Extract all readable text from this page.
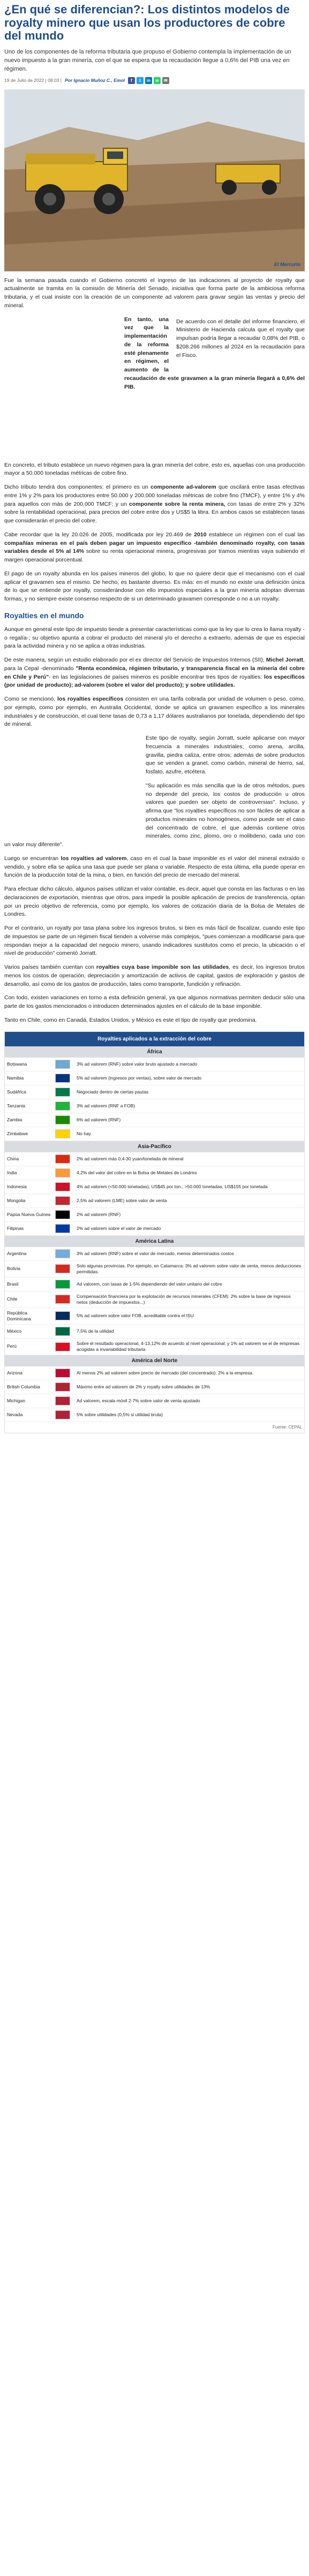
¿En qué se diferencian?: Los distintos modelos de royalty minero que usan los productores de cobre del mundo
Uno de los componentes de la reforma tributaria que propuso el Gobierno contempla la implementación de un nuevo impuesto a la gran minería, con el que se espera que la recaudación llegue a 0,6% del PIB una vez en régimen.
19 de Julio de 2022 | 08:03 | Por Ignacio Muñoz C., Emol	f	t	in	w	✉
El Mercurio

Fue la semana pasada cuando el Gobierno concretó el ingreso de las indicaciones al proyecto de royalty que actualmente se tramita en la comisión de Minería del Senado, iniciativa que forma parte de la ambiciosa reforma tributaria, y el cual insiste con la creación de un componente ad valorem para gravar según las ventas y precio del mineral.

De acuerdo con el detalle del informe financiero, el Ministerio de Hacienda calcula que el royalty que impulsan podría llegar a recaudar 0,08% del PIB, o $208.266 millones al 2024 en la recaudación para el Fisco.

En tanto, una vez que la implementación de la reforma esté plenamente en régimen, el aumento de la recaudación de este gravamen a la gran minería llegará a 0,6% del PIB.

En concreto, el tributo establece un nuevo régimen para la gran minería del cobre, esto es, aquellas con una producción mayor a 50.000 toneladas métricas de cobre fino.

Dicho tributo tendrá dos componentes: el primero es un componente ad-valorem que oscilará entre tasas efectivas entre 1% y 2% para los productores entre 50.000 y 200.000 toneladas métricas de cobre fino (TMCF), y entre 1% y 4% para aquellos con más de 200.000 TMCF; y un componente sobre la renta minera, con tasas de entre 2% y 32% sobre la rentabilidad operacional, para precios del cobre entre dos y US$5 la libra. En ambos casos se establecen tasas que considerarán el precio del cobre.

Cabe recordar que la ley 20.026 de 2005, modificada por ley 20.469 de 2010 establece un régimen con el cual las compañías mineras en el país deben pagar un impuesto específico -también denominado royalty, con tasas variables desde el 5% al 14% sobre su renta operacional minera, progresivas por tramos mientras vaya subiendo el margen operacional porcentual.

El pago de un royalty abunda en los países mineros del globo, lo que no quiere decir que el mecanismo con el cual aplicar el gravamen sea el mismo. De hecho, es bastante diverso. Es más: en el mundo no existe una definición única de lo que se entiende por royalty, considerándose con ello impuestos especiales a la gran minería adoptan diversas formas, y no siempre existe consenso respecto de si un determinado gravamen corresponde o no a un royalty.

Royalties en el mundo

Aunque en general este tipo de impuesto tiende a presentar características como que la ley que lo crea lo llama royalty -o regalía-; su objetivo apunta a cobrar el producto del mineral y/o el derecho a extraerlo, además de que es especial para la actividad minera y no se aplica a otras industrias.

De este manera, según un estudio elaborado por el ex director del Servicio de Impuestos Internos (SII), Michel Jorratt, para la Cepal -denominado "Renta económica, régimen tributario, y transparencia fiscal en la minería del cobre en Chile y Perú"- en las legislaciones de países mineros es posible encontrar tres tipos de royalties: los específicos (por unidad de producto); ad-valorem (sobre el valor del producto); y sobre utilidades.

Como se mencionó, los royalties específicos consisten en una tarifa cobrada por unidad de volumen o peso, como, por ejemplo, como por ejemplo, en Australia Occidental, donde se aplica un gravamen específico a los minerales industriales y de construcción, el cual tiene tasas de 0,73 a 1,17 dólares australianos por tonelada, dependiendo del tipo de mineral.

Este tipo de royalty, según Jorratt, suele aplicarse con mayor frecuencia a minerales industriales; como arena, arcilla, gravilla, piedra caliza, entre otros; además de sobre productos que se venden a granel, como carbón, mineral de hierro, sal, fosfato, azufre, etcétera.

"Su aplicación es más sencilla que la de otros métodos, pues no depende del precio, los costos de producción u otros valores que pueden ser objeto de controversias". Incluso, y afirma que "los royalties específicos no son fáciles de aplicar a productos minerales no homogéneos, como puede ser el caso del concentrado de cobre, el que además contiene otros minerales, como zinc, plomo, oro o molibdeno, cada uno con un valor muy diferente".

Luego se encuentran los royalties ad valorem, caso en el cual la base imponible es el valor del mineral extraído o vendido, y sobre ella se aplica una tasa que puede ser plana o variable. Respecto de esta última, ella puede operar en función de la producción total de la mina, o bien, en función del precio de mercado del mineral.

Para efectuar dicho cálculo, algunos países utilizan el valor contable, es decir, aquel que consta en las facturas o en las declaraciones de exportación, mientras que otros, para impedir la posible aplicación de precios de transferencia, optan por un precio objetivo de referencia, como por ejemplo, los valores de cotización diaria de la Bolsa de Metales de Londres.

Por el contrario, un royalty por tasa plana sobre los ingresos brutos, si bien es más fácil de fiscalizar, cuando este tipo de impuestos se parte de un régimen fiscal tienden a volverse más complejos, "pues comienzan a modificarse para que respondan mejor a la capacidad del negocio minero, usando indicadores sustitutos como el precio, la ubicación o el nivel de producción" comentó Jorratt.

Varios países también cuentan con royalties cuya base imponible son las utilidades, es decir, los ingresos brutos menos los costos de operación, depreciación y amortización de activos de capital, gastos de exploración y gastos de desarrollo, así como de los gastos de producción, tales como transporte, fundición y refinación.

Con todo, existen variaciones en torno a esta definición general, ya que algunos normativas permiten deducir sólo una parte de los gastos mencionados o introducen determinados ajustes en el cálculo de la base imponible.

Tanto en Chile, como en Canadá, Estados Unidos, y México es este el tipo de royalty que predomina.

Royalties aplicados a la extracción del cobre
África
Botswana		3% ad valorem (RNF) sobre valor bruto ajustado a mercado
Namibia		5% ad valorem (ingresos por ventas), sobre valor de mercado
Sudáfrica		Negociado dentro de ciertas pautas
Tanzania		3% ad valorem (RNF a FOB)
Zambia		6% ad valorem (RNF)
Zimbabwe		No hay
Asia-Pacífico
China		2% ad valorem más 0,4-30 yuan/tonelada de mineral
India		4,2% del valor del cobre en la Bolsa de Metales de Londres
Indonesia		4% ad valorem (<50.000 toneladas), US$45 por ton.; >50.000 toneladas, US$155 por tonelada
Mongolia		2,5% ad valorem (LME) sobre valor de venta
Papúa Nueva Guinea		2% ad valorem (RNF)
Filipinas		2% ad valorem sobre el valor de mercado
América Latina
Argentina		3% ad valorem (RNF) sobre el valor de mercado, menos determinados costos
Bolivia		Solo algunas provincias. Por ejemplo, en Catamarca: 3% ad valorem sobre valor de venta, menos deducciones permitidas.
Brasil		Ad valorem, con tasas de 1-5% dependiendo del valor unitario del cobre
Chile		Compensación financiera por la explotación de recursos minerales (CFEM): 2% sobre la base de ingresos netos (deducción de impuestos...)
República Dominicana		5% ad valorem sobre valor FOB, acreditable contra el ISU
México		7,5% de la utilidad
Perú		Sobre el resultado operacional, 4-13,12% de acuerdo al nivel operacional; y 1% ad valorem se el de empresas acogidas a invariabilidad tributaria
América del Norte
Arizona		Al menos 2% ad valorem sobre precio de mercado (del concentrado); 2% a la empresa.
British Columbia		Máximo entre ad valorem de 2% y royalty sobre utilidades de 13%
Michigan		Ad valorem, escala móvil 2-7% sobre valor de venta ajustado
Nevada		5% sobre utilidades (0,5% si utilidad bruta)
Fuente: CEPAL
